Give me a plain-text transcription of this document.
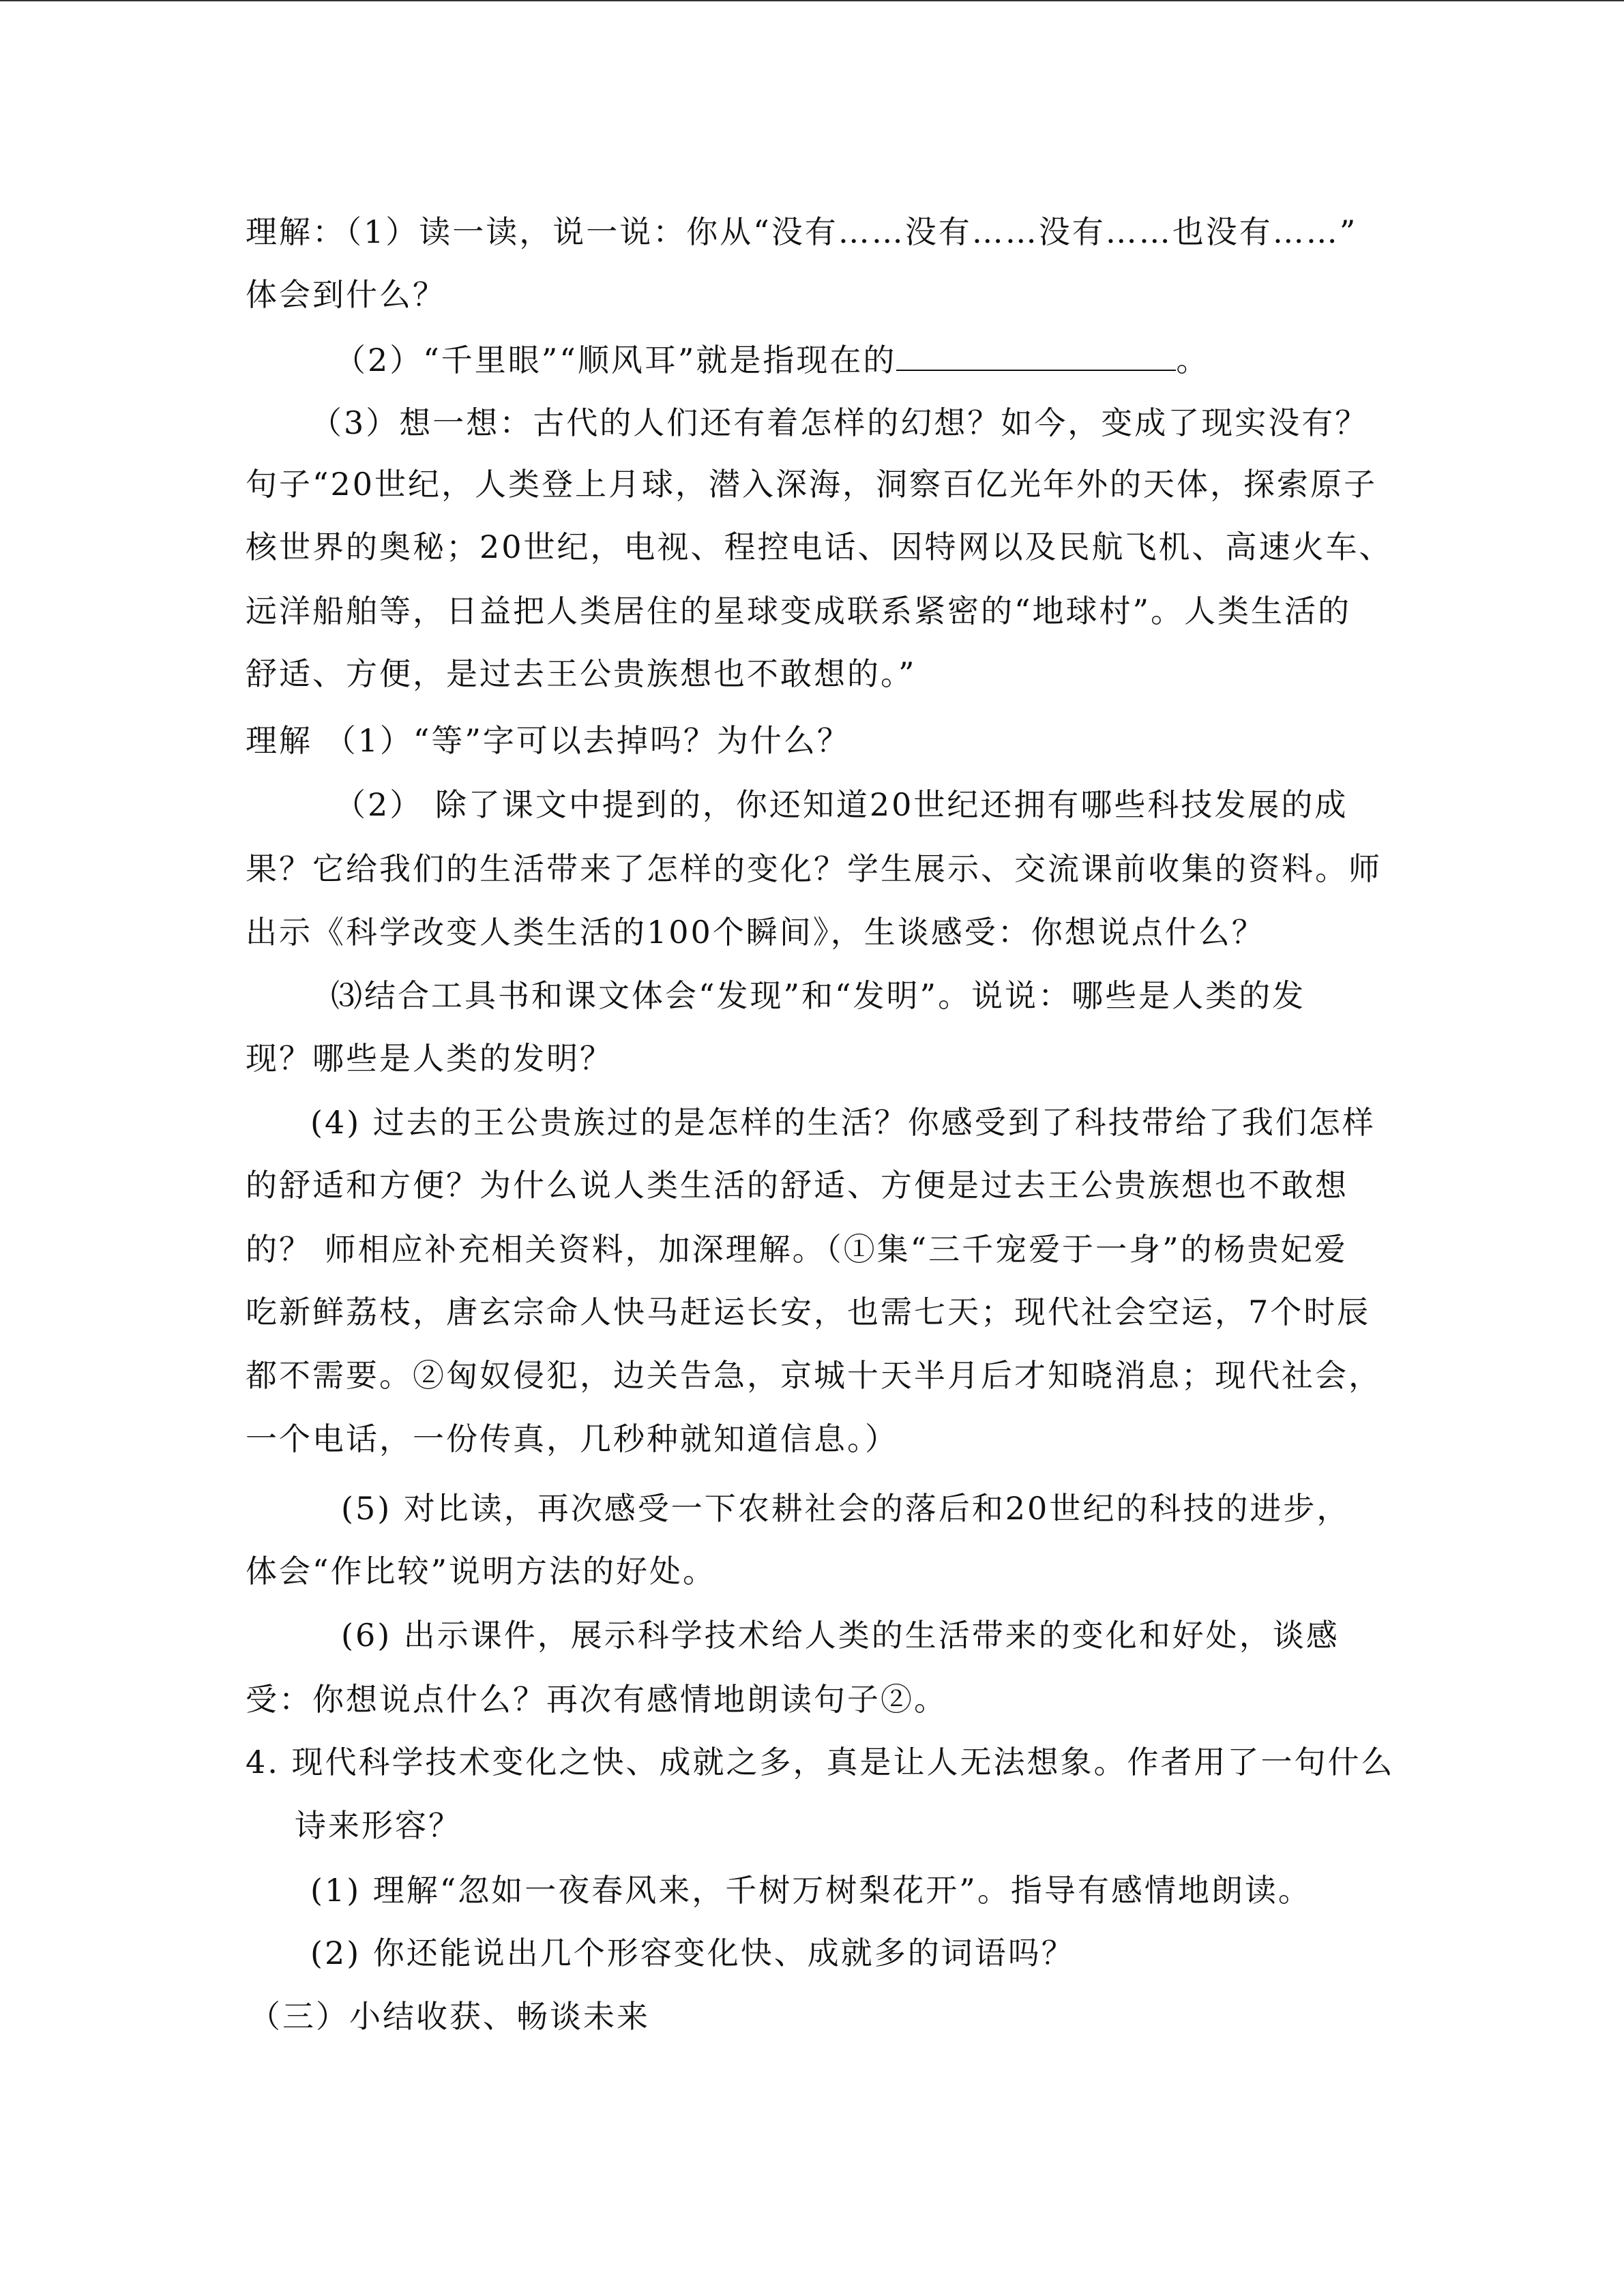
理解：（1）读一读，说一说：你从“没有……没有……没有……也没有……”
体会到什么？
（2）“千里眼”“顺风耳”就是指现在的	。
（3）想一想：古代的人们还有着怎样的幻想？如今，变成了现实没有？
句子“20世纪，人类登上月球，潜入深海，洞察百亿光年外的天体，探索原子
核世界的奥秘；20世纪，电视、程控电话、因特网以及民航飞机、高速火车、
远洋船舶等，日益把人类居住的星球变成联系紧密的“地球村”。人类生活的
舒适、方便，是过去王公贵族想也不敢想的。”
理解 （1）“等”字可以去掉吗？为什么？
（2） 除了课文中提到的，你还知道20世纪还拥有哪些科技发展的成
果？它给我们的生活带来了怎样的变化？学生展示、交流课前收集的资料。师
出示《科学改变人类生活的100个瞬间》，生谈感受：你想说点什么？
⑶结合工具书和课文体会“发现”和“发明”。说说：哪些是人类的发
现？哪些是人类的发明？
(4) 过去的王公贵族过的是怎样的生活？你感受到了科技带给了我们怎样
的舒适和方便？为什么说人类生活的舒适、方便是过去王公贵族想也不敢想
的？ 师相应补充相关资料，加深理解。（①集“三千宠爱于一身”的杨贵妃爱
吃新鲜荔枝，唐玄宗命人快马赶运长安，也需七天；现代社会空运，7个时辰
都不需要。②匈奴侵犯，边关告急，京城十天半月后才知晓消息；现代社会，
一个电话，一份传真，几秒种就知道信息。）
(5) 对比读，再次感受一下农耕社会的落后和20世纪的科技的进步，
体会“作比较”说明方法的好处。
(6) 出示课件，展示科学技术给人类的生活带来的变化和好处，谈感
受：你想说点什么？再次有感情地朗读句子②。
4. 现代科学技术变化之快、成就之多，真是让人无法想象。作者用了一句什么
诗来形容？
(1) 理解“忽如一夜春风来，千树万树梨花开”。指导有感情地朗读。
(2) 你还能说出几个形容变化快、成就多的词语吗？
（三）小结收获、畅谈未来
